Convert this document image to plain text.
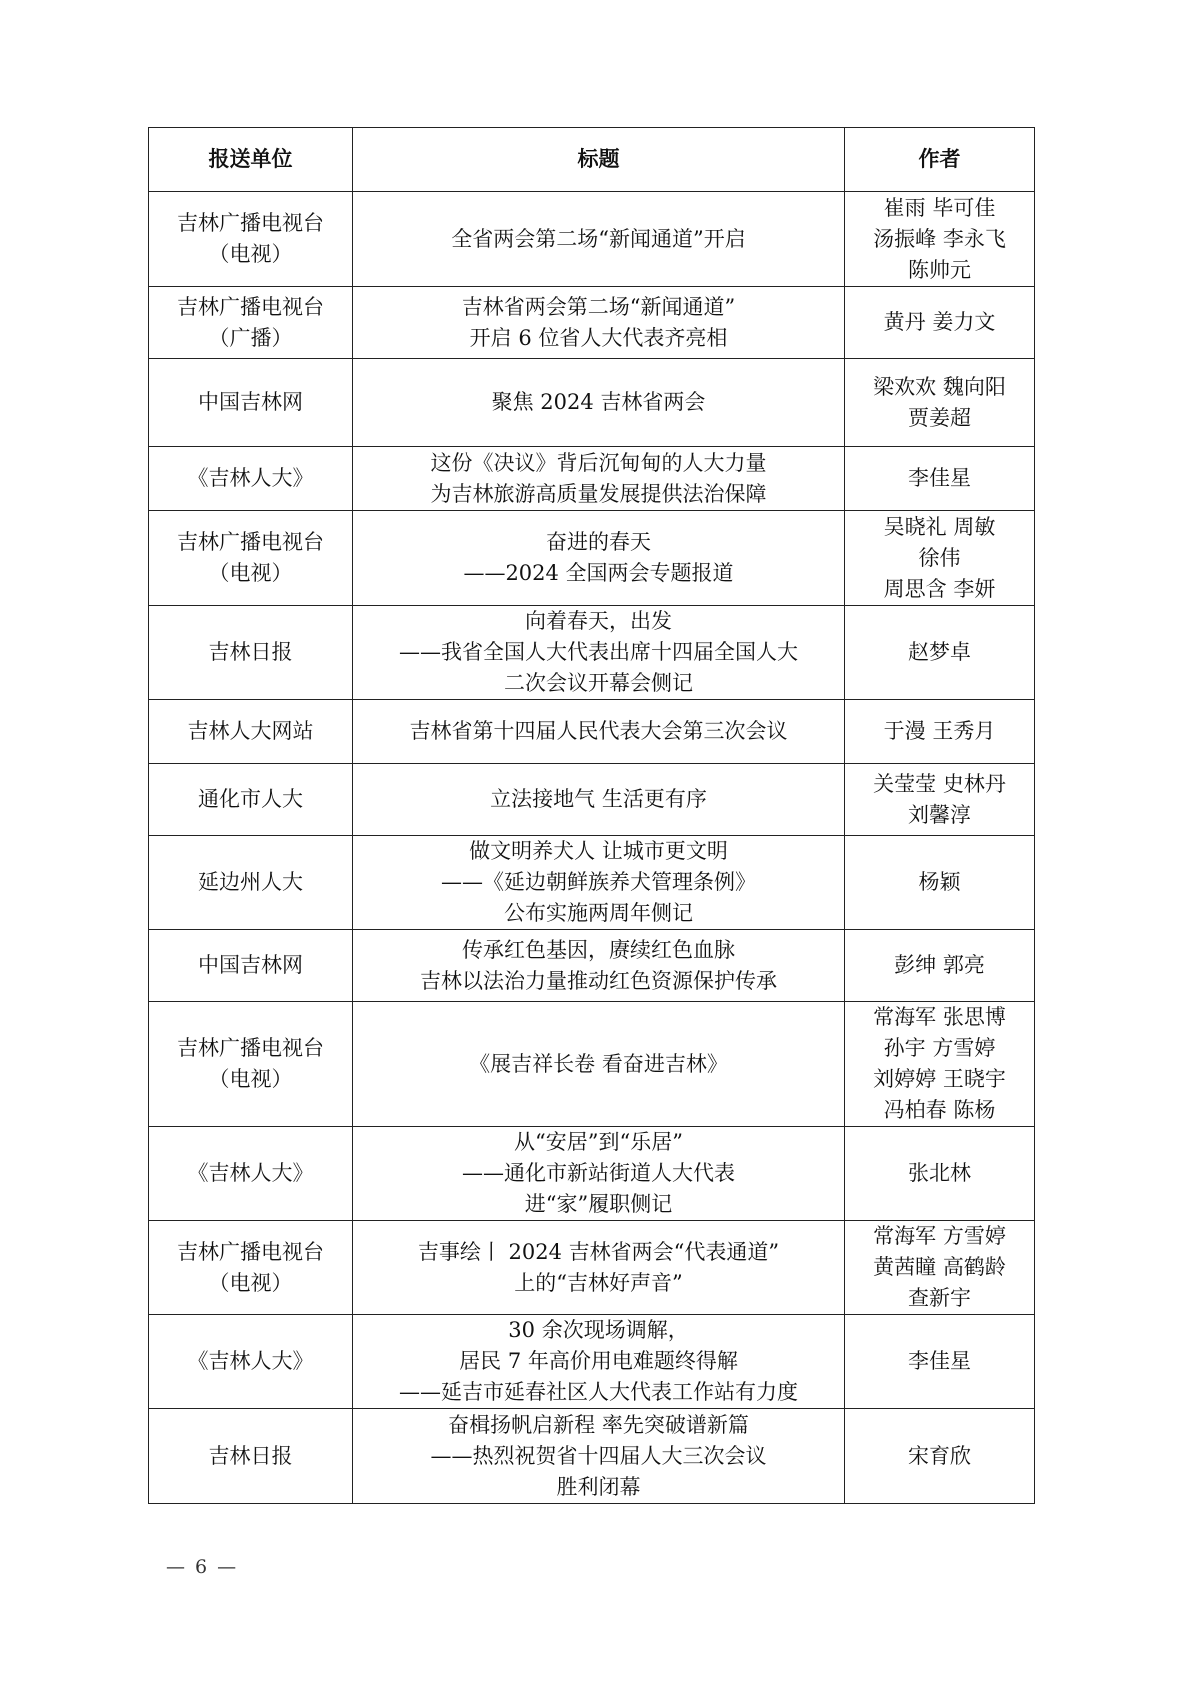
报送单位	标题	作者

吉林广播电视台
（电视）	全省两会第二场“新闻通道”开启	崔雨 毕可佳
汤振峰 李永飞
陈帅元

吉林广播电视台
（广播）	吉林省两会第二场“新闻通道”
开启 6 位省人大代表齐亮相	黄丹 姜力文

中国吉林网	聚焦 2024 吉林省两会	梁欢欢 魏向阳
贾姜超

《吉林人大》	这份《决议》背后沉甸甸的人大力量
为吉林旅游高质量发展提供法治保障	李佳星

吉林广播电视台
（电视）	奋进的春天
——2024 全国两会专题报道	吴晓礼 周敏
徐伟
周思含 李妍

吉林日报	向着春天，出发
——我省全国人大代表出席十四届全国人大
二次会议开幕会侧记	赵梦卓

吉林人大网站	吉林省第十四届人民代表大会第三次会议	于漫 王秀月

通化市人大	立法接地气 生活更有序	关莹莹 史林丹
刘馨淳

延边州人大	做文明养犬人 让城市更文明
——《延边朝鲜族养犬管理条例》
公布实施两周年侧记	杨颖

中国吉林网	传承红色基因，赓续红色血脉
吉林以法治力量推动红色资源保护传承	彭绅 郭亮

吉林广播电视台
（电视）	《展吉祥长卷 看奋进吉林》	常海军 张思博
孙宇 方雪婷
刘婷婷 王晓宇
冯柏春 陈杨

《吉林人大》	从“安居”到“乐居”
——通化市新站街道人大代表
进“家”履职侧记	张北林

吉林广播电视台
（电视）	吉事绘丨 2024 吉林省两会“代表通道”
上的“吉林好声音”	常海军 方雪婷
黄茜瞳 高鹤龄
查新宇

《吉林人大》	30 余次现场调解，
居民 7 年高价用电难题终得解
——延吉市延春社区人大代表工作站有力度	李佳星

吉林日报	奋楫扬帆启新程 率先突破谱新篇
——热烈祝贺省十四届人大三次会议
胜利闭幕	宋育欣
— 6 —
